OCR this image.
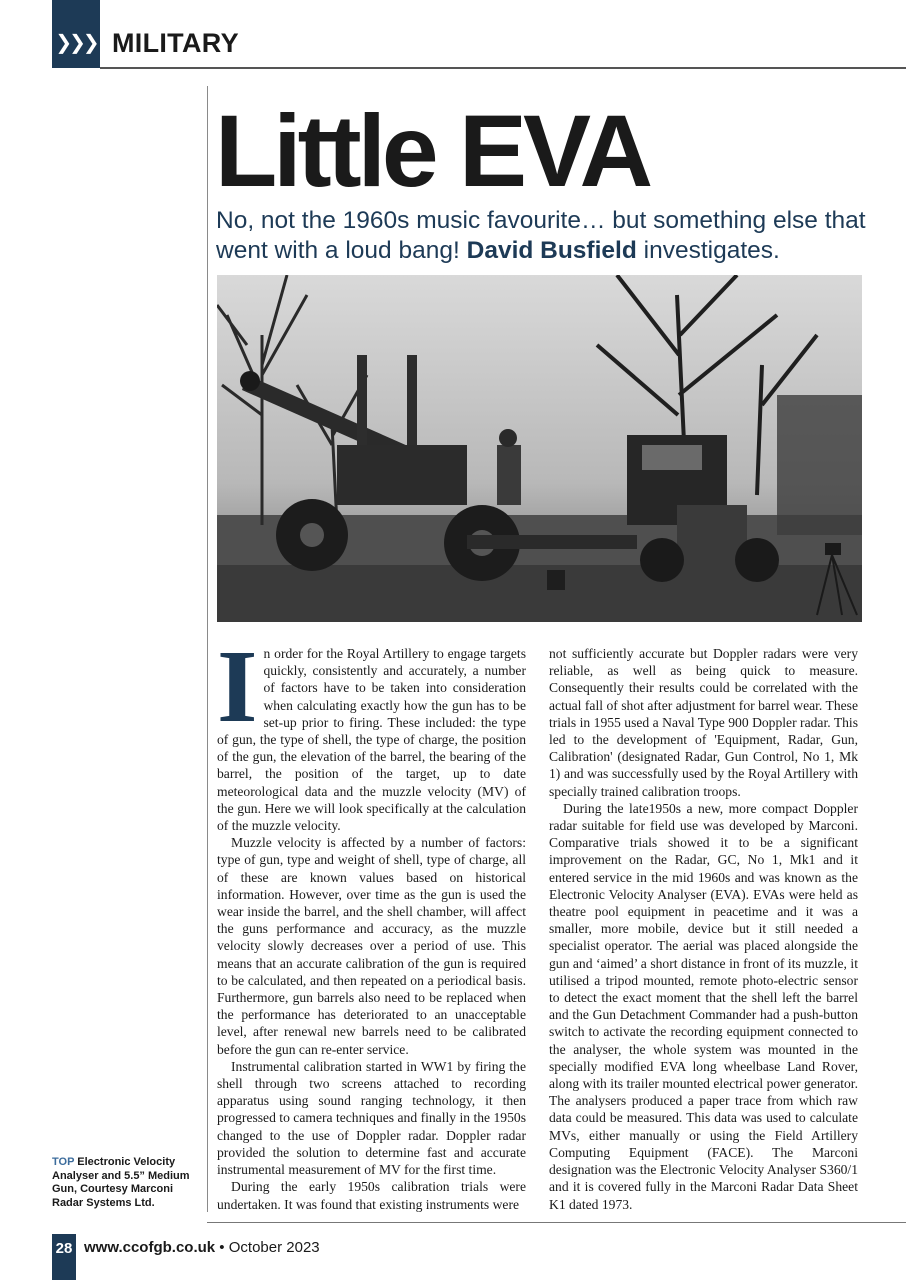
❯❯❯ MILITARY
Little EVA
No, not the 1960s music favourite… but something else that went with a loud bang! David Busfield investigates.

In order for the Royal Artillery to engage targets quickly, consistently and accurately, a number of factors have to be taken into consideration when calculating exactly how the gun has to be set-up prior to firing. These included: the type of gun, the type of shell, the type of charge, the position of the gun, the elevation of the barrel, the bearing of the barrel, the position of the target, up to date meteorological data and the muzzle velocity (MV) of the gun. Here we will look specifically at the calculation of the muzzle velocity.

Muzzle velocity is affected by a number of factors: type of gun, type and weight of shell, type of charge, all of these are known values based on historical information. However, over time as the gun is used the wear inside the barrel, and the shell chamber, will affect the guns performance and accuracy, as the muzzle velocity slowly decreases over a period of use. This means that an accurate calibration of the gun is required to be calculated, and then repeated on a periodical basis. Furthermore, gun barrels also need to be replaced when the performance has deteriorated to an unacceptable level, after renewal new barrels need to be calibrated before the gun can re-enter service.

Instrumental calibration started in WW1 by firing the shell through two screens attached to recording apparatus using sound ranging technology, it then progressed to camera techniques and finally in the 1950s changed to the use of Doppler radar. Doppler radar provided the solution to determine fast and accurate instrumental measurement of MV for the first time.

During the early 1950s calibration trials were undertaken. It was found that existing instruments were

not sufficiently accurate but Doppler radars were very reliable, as well as being quick to measure. Consequently their results could be correlated with the actual fall of shot after adjustment for barrel wear. These trials in 1955 used a Naval Type 900 Doppler radar. This led to the development of 'Equipment, Radar, Gun, Calibration' (designated Radar, Gun Control, No 1, Mk 1) and was successfully used by the Royal Artillery with specially trained calibration troops.

During the late1950s a new, more compact Doppler radar suitable for field use was developed by Marconi. Comparative trials showed it to be a significant improvement on the Radar, GC, No 1, Mk1 and it entered service in the mid 1960s and was known as the Electronic Velocity Analyser (EVA). EVAs were held as theatre pool equipment in peacetime and it was a smaller, more mobile, device but it still needed a specialist operator. The aerial was placed alongside the gun and ‘aimed’ a short distance in front of its muzzle, it utilised a tripod mounted, remote photo-electric sensor to detect the exact moment that the shell left the barrel and the Gun Detachment Commander had a push-button switch to activate the recording equipment connected to the analyser, the whole system was mounted in the specially modified EVA long wheelbase Land Rover, along with its trailer mounted electrical power generator. The analysers produced a paper trace from which raw data could be measured. This data was used to calculate MVs, either manually or using the Field Artillery Computing Equipment (FACE). The Marconi designation was the Electronic Velocity Analyser S360/1 and it is covered fully in the Marconi Radar Data Sheet K1 dated 1973.

TOP Electronic Velocity Analyser and 5.5” Medium Gun, Courtesy Marconi Radar Systems Ltd.
28 www.ccofgb.co.uk • October 2023
